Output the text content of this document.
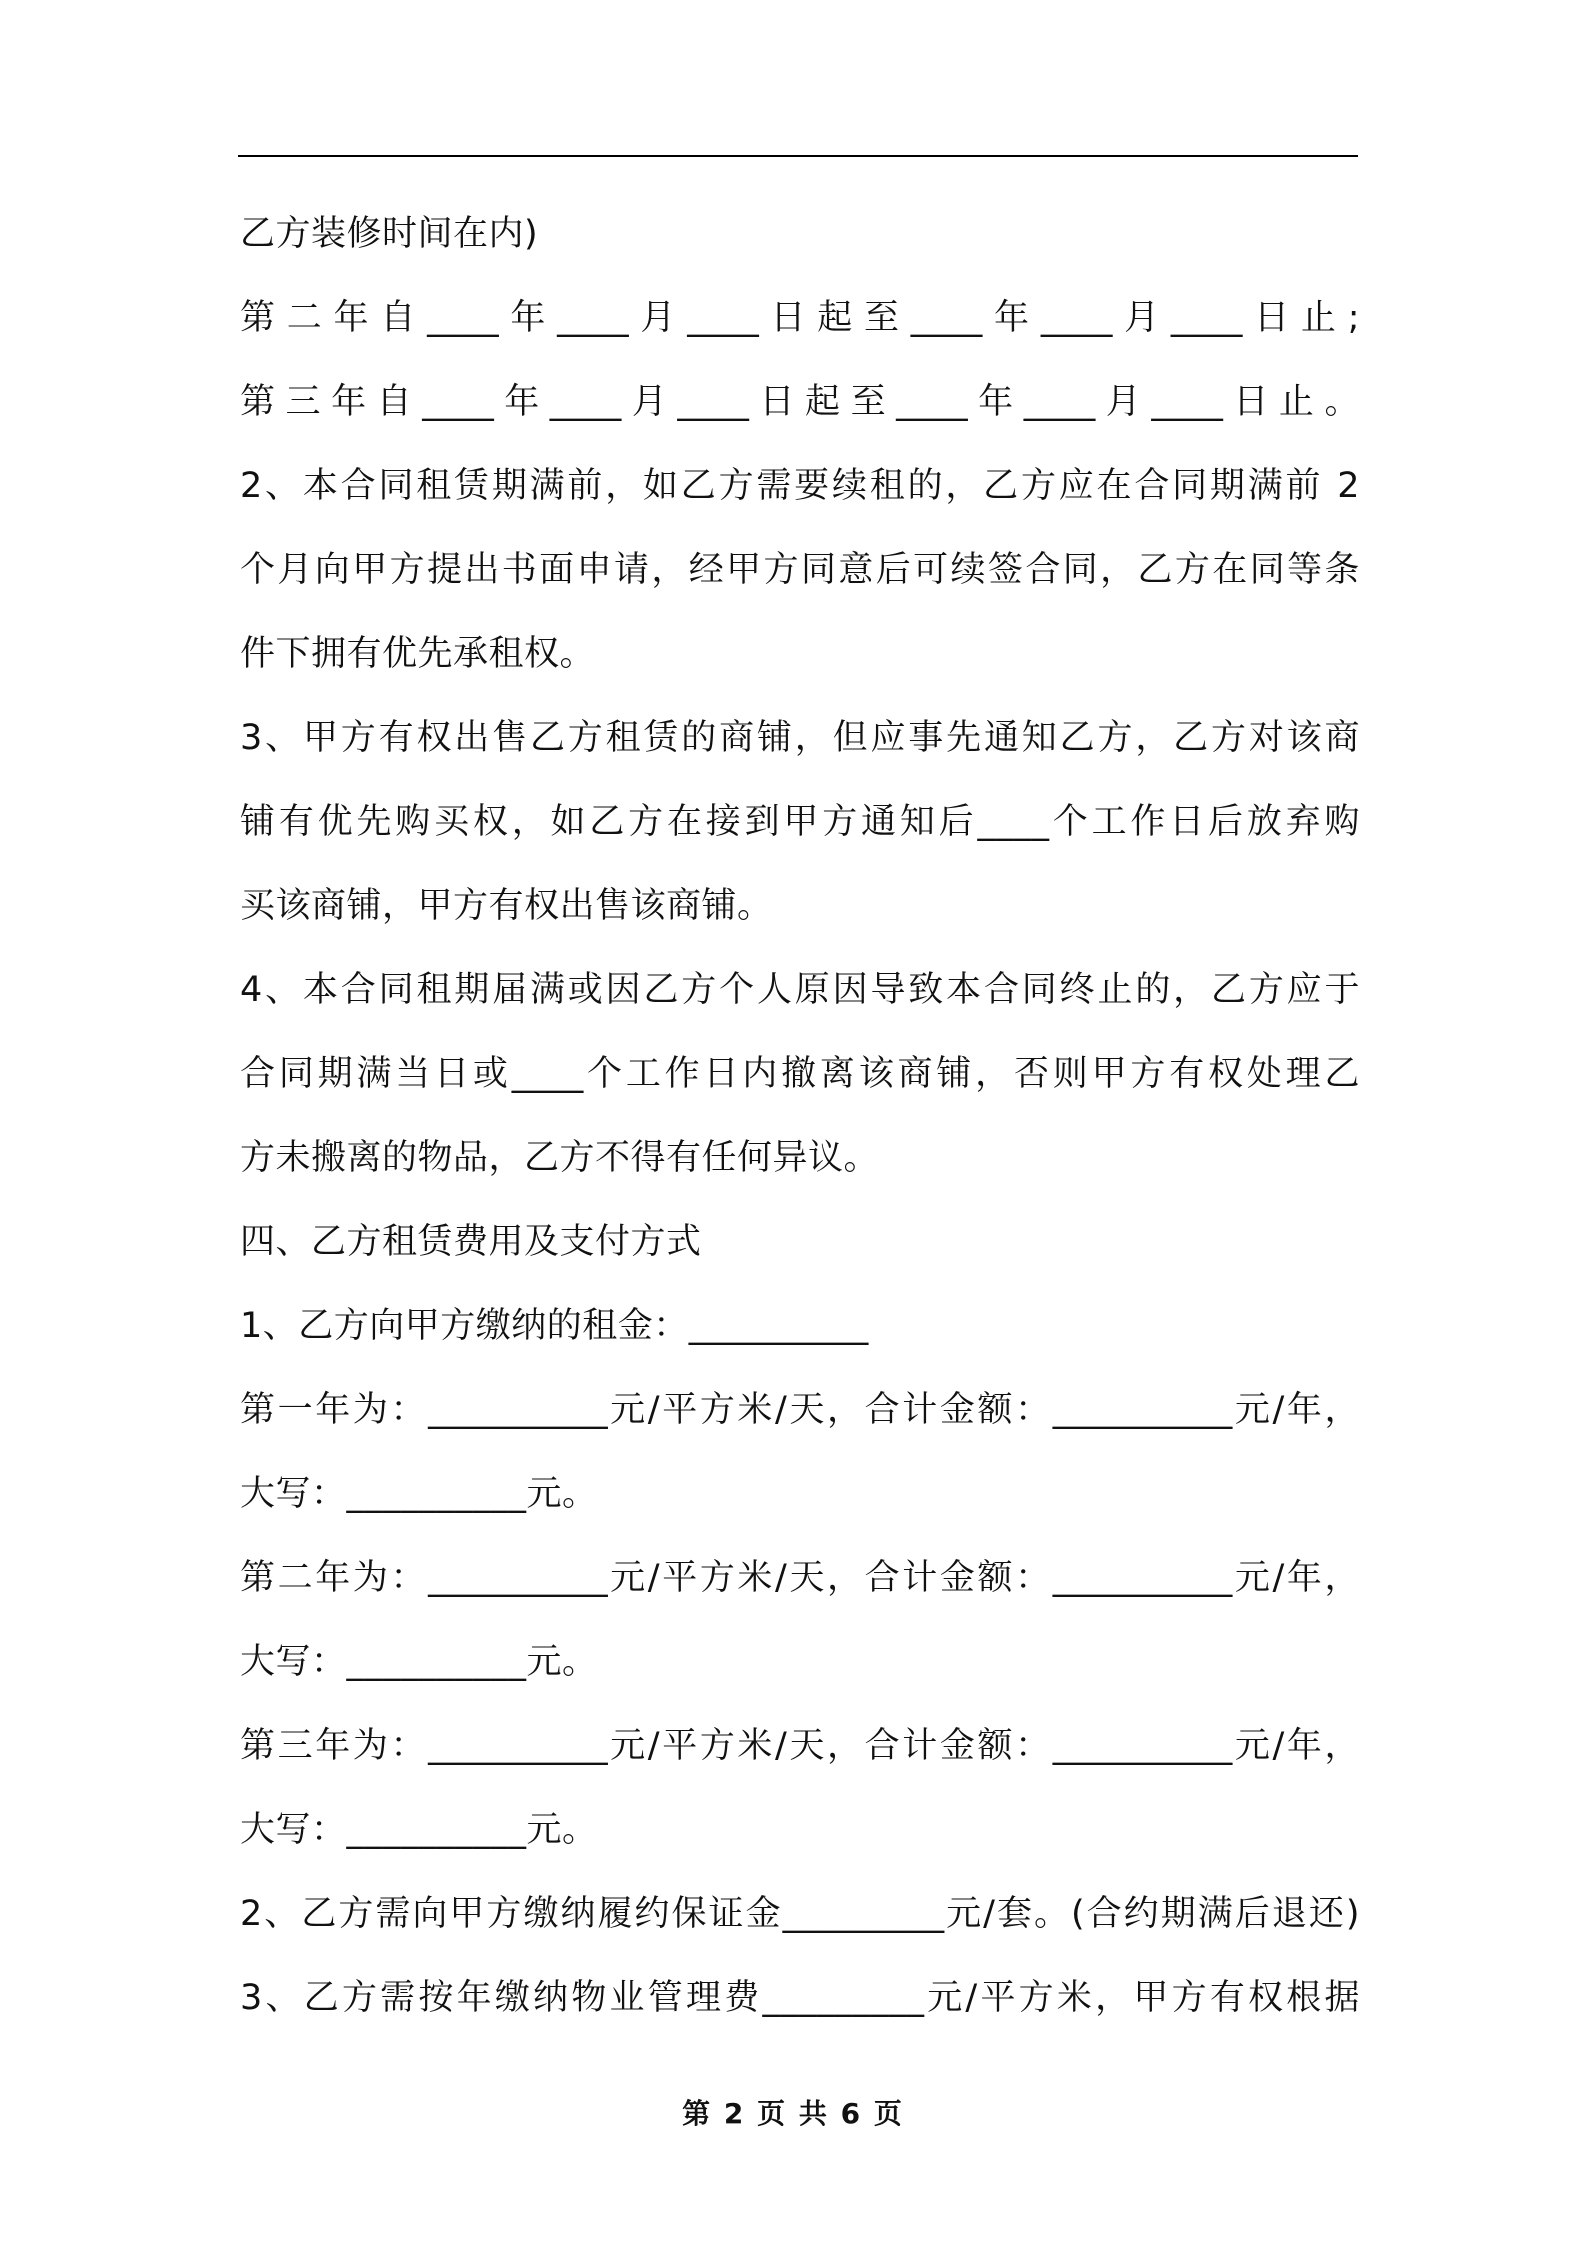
乙方装修时间在内)
第二年自____年____月____日起至____年____月____日止;
第三年自____年____月____日起至____年____月____日止。
2、本合同租赁期满前，如乙方需要续租的，乙方应在合同期满前 2
个月向甲方提出书面申请，经甲方同意后可续签合同，乙方在同等条
件下拥有优先承租权。
3、甲方有权出售乙方租赁的商铺，但应事先通知乙方，乙方对该商
铺有优先购买权，如乙方在接到甲方通知后____个工作日后放弃购
买该商铺，甲方有权出售该商铺。
4、本合同租期届满或因乙方个人原因导致本合同终止的，乙方应于
合同期满当日或____个工作日内撤离该商铺，否则甲方有权处理乙
方未搬离的物品，乙方不得有任何异议。
四、乙方租赁费用及支付方式
1、乙方向甲方缴纳的租金：__________
第一年为：__________元/平方米/天，合计金额：__________元/年，
大写：__________元。
第二年为：__________元/平方米/天，合计金额：__________元/年，
大写：__________元。
第三年为：__________元/平方米/天，合计金额：__________元/年，
大写：__________元。
2、乙方需向甲方缴纳履约保证金_________元/套。(合约期满后退还)
3、乙方需按年缴纳物业管理费_________元/平方米，甲方有权根据
第 2 页 共 6 页
